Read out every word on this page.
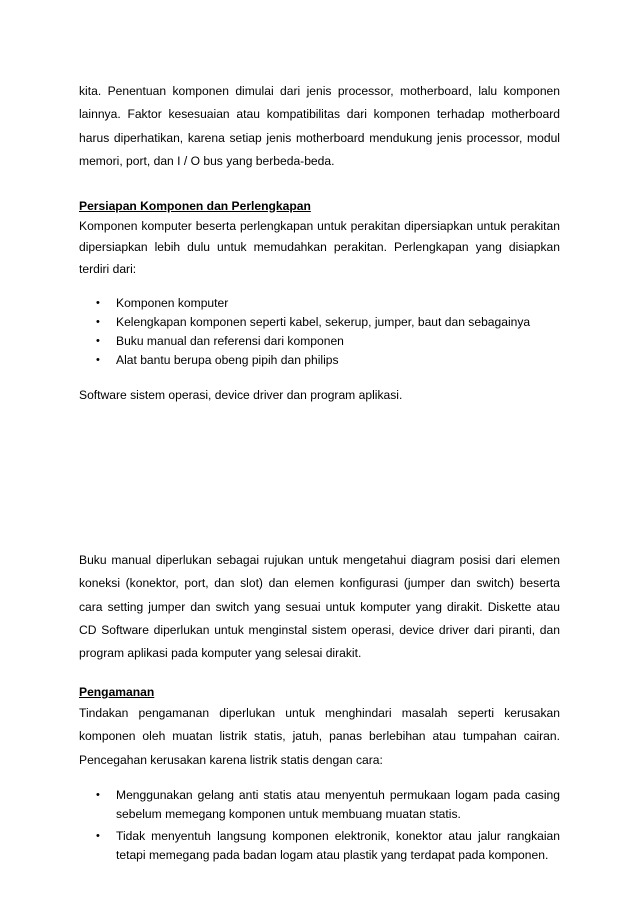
kita. Penentuan komponen dimulai dari jenis processor, motherboard, lalu komponen lainnya. Faktor kesesuaian atau kompatibilitas dari komponen terhadap motherboard harus diperhatikan, karena setiap jenis motherboard mendukung jenis processor, modul memori, port, dan I / O bus yang berbeda-beda.

Persiapan Komponen dan Perlengkapan

Komponen komputer beserta perlengkapan untuk perakitan dipersiapkan untuk perakitan dipersiapkan lebih dulu untuk memudahkan perakitan. Perlengkapan yang disiapkan terdiri dari:

• Komponen komputer
• Kelengkapan komponen seperti kabel, sekerup, jumper, baut dan sebagainya
• Buku manual dan referensi dari komponen
• Alat bantu berupa obeng pipih dan philips

Software sistem operasi, device driver dan program aplikasi.

Buku manual diperlukan sebagai rujukan untuk mengetahui diagram posisi dari elemen koneksi (konektor, port, dan slot) dan elemen konfigurasi (jumper dan switch) beserta cara setting jumper dan switch yang sesuai untuk komputer yang dirakit. Diskette atau CD Software diperlukan untuk menginstal sistem operasi, device driver dari piranti, dan program aplikasi pada komputer yang selesai dirakit.

Pengamanan

Tindakan pengamanan diperlukan untuk menghindari masalah seperti kerusakan komponen oleh muatan listrik statis, jatuh, panas berlebihan atau tumpahan cairan. Pencegahan kerusakan karena listrik statis dengan cara:

• Menggunakan gelang anti statis atau menyentuh permukaan logam pada casing sebelum memegang komponen untuk membuang muatan statis.
• Tidak menyentuh langsung komponen elektronik, konektor atau jalur rangkaian tetapi memegang pada badan logam atau plastik yang terdapat pada komponen.
